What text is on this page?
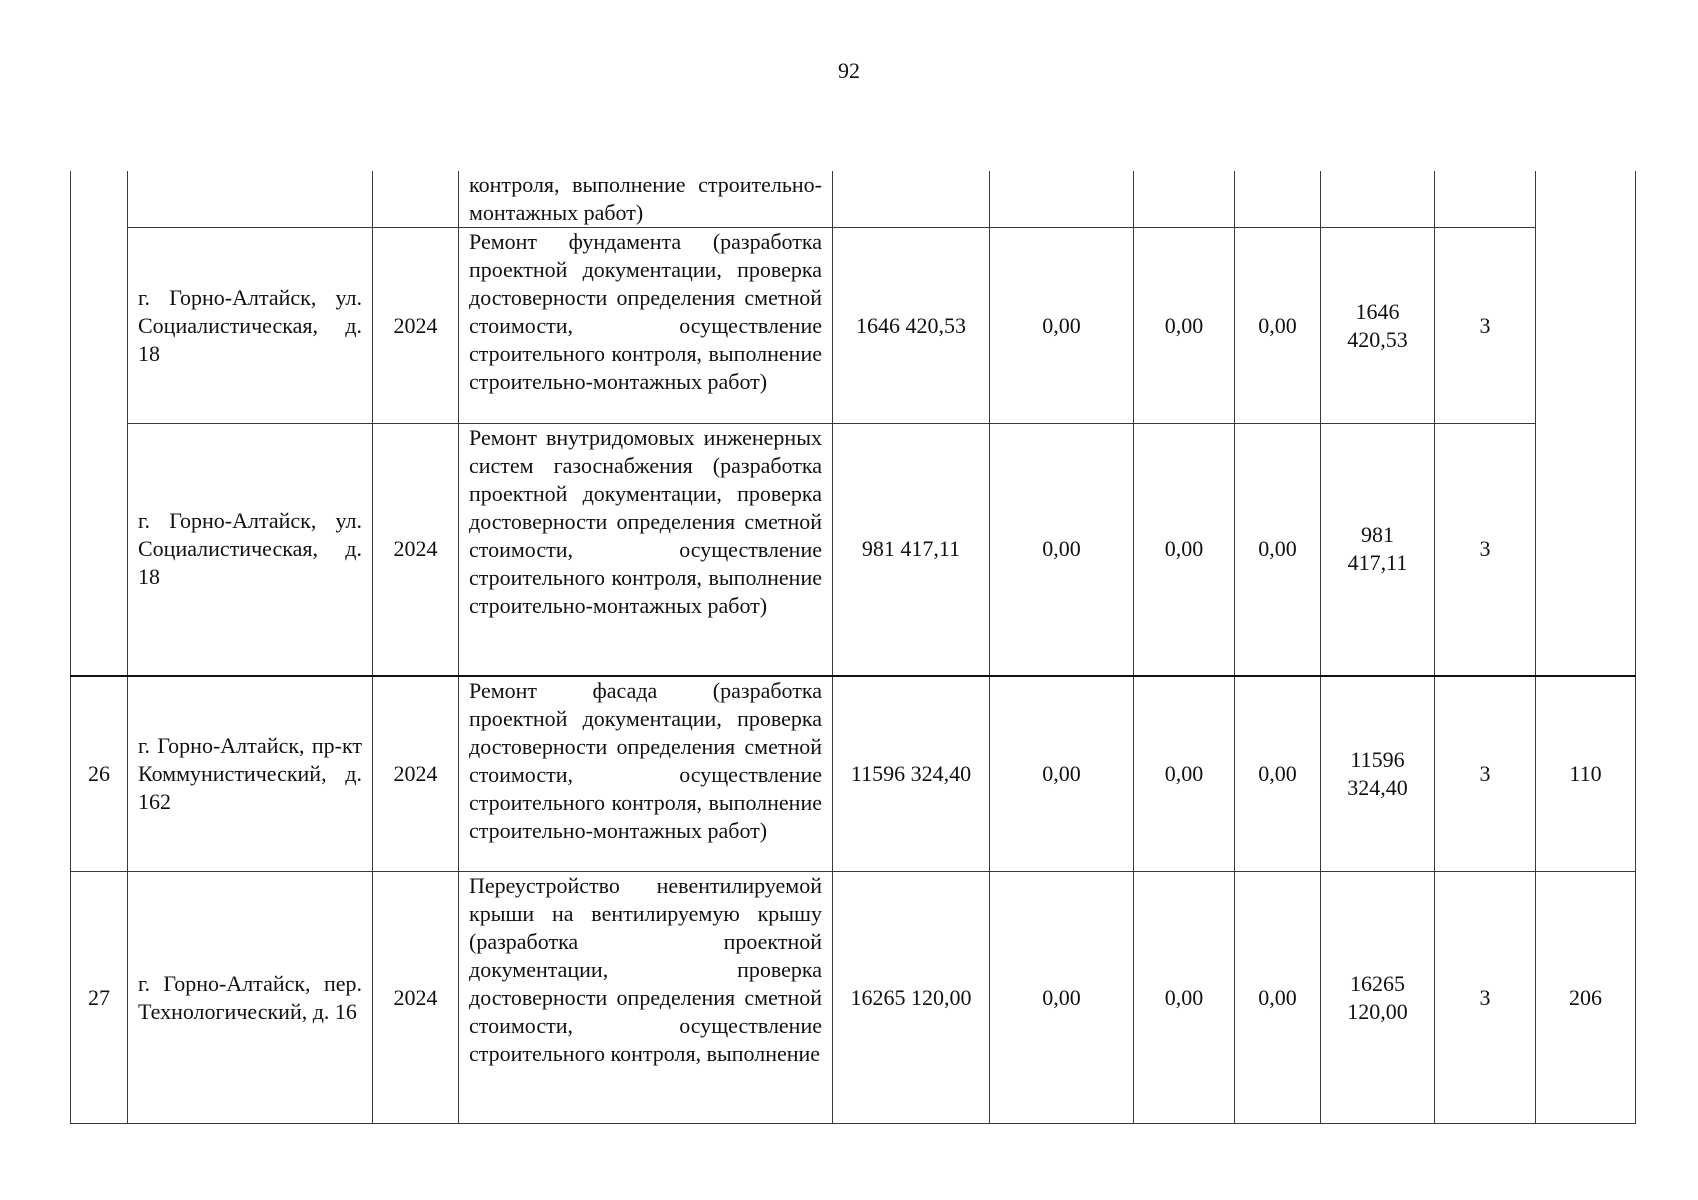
92
			контроля, выполнение строительно-монтажных работ)							
	г. Горно-Алтайск, ул. Социалистическая, д. 18	2024	Ремонт фундамента (разработка проектной документации, проверка достоверности определения сметной стоимости, осуществление строительного контроля, выполнение строительно-монтажных работ)	1646 420,53	0,00	0,00	0,00	1646 420,53	3	
	г. Горно-Алтайск, ул. Социалистическая, д. 18	2024	Ремонт внутридомовых инженерных систем газоснабжения (разработка проектной документации, проверка достоверности определения сметной стоимости, осуществление строительного контроля, выполнение строительно-монтажных работ)	981 417,11	0,00	0,00	0,00	981 417,11	3	
26	г. Горно-Алтайск, пр-кт Коммунистический, д. 162	2024	Ремонт фасада (разработка проектной документации, проверка достоверности определения сметной стоимости, осуществление строительного контроля, выполнение строительно-монтажных работ)	11596 324,40	0,00	0,00	0,00	11596 324,40	3	110
27	г. Горно-Алтайск, пер. Технологический, д. 16	2024	Переустройство невентилируемой крыши на вентилируемую крышу (разработка проектной документации, проверка достоверности определения сметной стоимости, осуществление строительного контроля, выполнение	16265 120,00	0,00	0,00	0,00	16265 120,00	3	206
